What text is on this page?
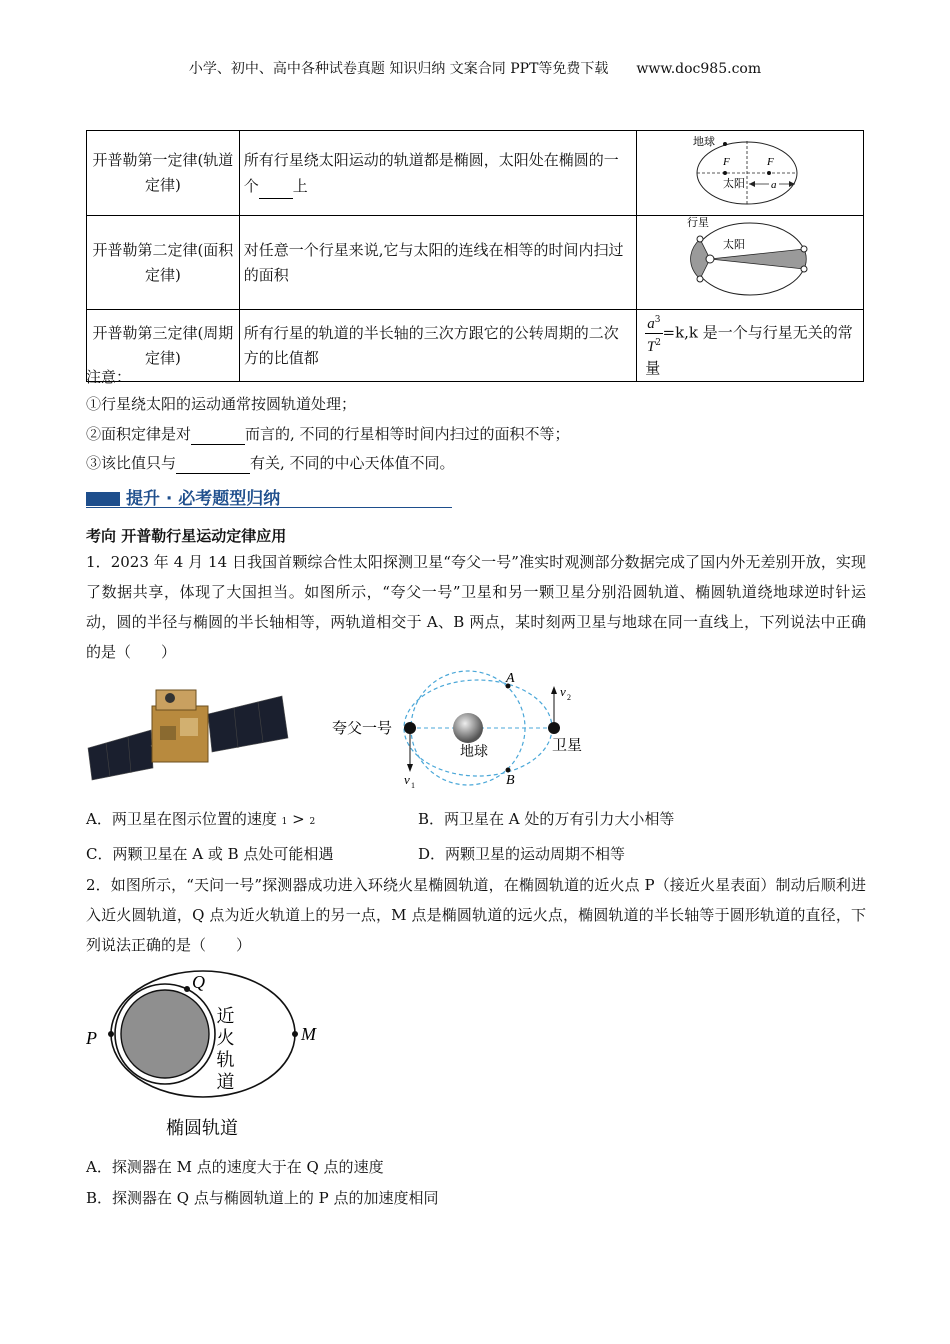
小学、初中、高中各种试卷真题 知识归纳 文案合同 PPT等免费下载 www.doc985.com
开普勒第一定律(轨道定律)	所有行星绕太阳运动的轨道都是椭圆，太阳处在椭圆的一个 上	地球
F F
太阳 a

开普勒第二定律(面积定律)	对任意一个行星来说,它与太阳的连线在相等的时间内扫过的面积	行星
太阳

开普勒第三定律(周期定律)	所有行星的轨道的半长轴的三次方跟它的公转周期的二次方的比值都	$\frac{a^3}{T^2} =k,k$ 是一个与行星无关的常量
注意：
①行星绕太阳的运动通常按圆轨道处理；
②面积定律是对	而言的, 不同的行星相等时间内扫过的面积不等；
③该比值只与	有关, 不同的中心天体值不同。
提升 · 必考题型归纳
考向 开普勒行星运动定律应用
1．2023 年 4 月 14 日我国首颗综合性太阳探测卫星“夸父一号”准实时观测部分数据完成了国内外无差别开放，实现了数据共享，体现了大国担当。如图所示，“夸父一号”卫星和另一颗卫星分别沿圆轨道、椭圆轨道绕地球逆时针运动，圆的半径与椭圆的半长轴相等，两轨道相交于 A、B 两点，某时刻两卫星与地球在同一直线上，下列说法中正确的是（　　）
夸父一号
地球	卫星
A
B
v 1
v 2
A．两卫星在图示位置的速度 1 > 2	B．两卫星在 A 处的万有引力大小相等
C．两颗卫星在 A 或 B 点处可能相遇	D．两颗卫星的运动周期不相等
2．如图所示，“天问一号”探测器成功进入环绕火星椭圆轨道，在椭圆轨道的近火点 P（接近火星表面）制动后顺利进入近火圆轨道，Q 点为近火轨道上的另一点，M 点是椭圆轨道的远火点，椭圆轨道的半长轴等于圆形轨道的直径，下列说法正确的是（　　）
P	M
Q
近火轨道
椭圆轨道
A．探测器在 M 点的速度大于在 Q 点的速度
B．探测器在 Q 点与椭圆轨道上的 P 点的加速度相同
